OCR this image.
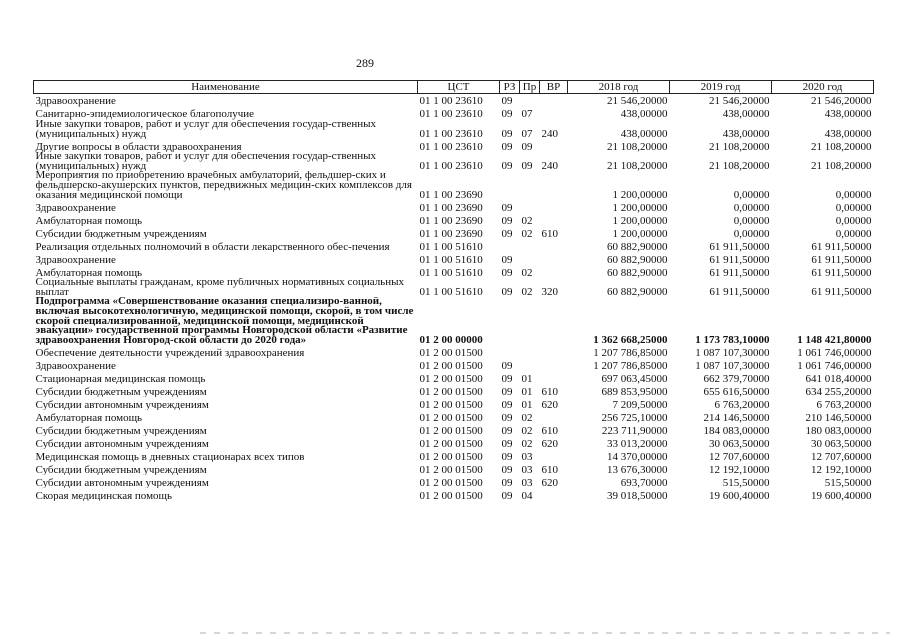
289
Наименование	ЦСТ	РЗ	Пр	ВР	2018 год	2019 год	2020 год
Здравоохранение	01 1 00 23610	09			21 546,20000	21 546,20000	21 546,20000
Санитарно-эпидемиологическое благополучие	01 1 00 23610	09	07		438,00000	438,00000	438,00000
Иные закупки товаров, работ и услуг для обеспечения государ-ственных (муниципальных) нужд	01 1 00 23610	09	07	240	438,00000	438,00000	438,00000
Другие вопросы в области здравоохранения	01 1 00 23610	09	09		21 108,20000	21 108,20000	21 108,20000
Иные закупки товаров, работ и услуг для обеспечения государ-ственных (муниципальных) нужд	01 1 00 23610	09	09	240	21 108,20000	21 108,20000	21 108,20000
Мероприятия по приобретению врачебных амбулаторий, фельдшер-ских и фельдшерско-акушерских пунктов, передвижных медицин-ских комплексов для оказания медицинской помощи	01 1 00 23690				1 200,00000	0,00000	0,00000
Здравоохранение	01 1 00 23690	09			1 200,00000	0,00000	0,00000
Амбулаторная помощь	01 1 00 23690	09	02		1 200,00000	0,00000	0,00000
Субсидии бюджетным учреждениям	01 1 00 23690	09	02	610	1 200,00000	0,00000	0,00000
Реализация отдельных полномочий в области лекарственного обес-печения	01 1 00 51610				60 882,90000	61 911,50000	61 911,50000
Здравоохранение	01 1 00 51610	09			60 882,90000	61 911,50000	61 911,50000
Амбулаторная помощь	01 1 00 51610	09	02		60 882,90000	61 911,50000	61 911,50000
Социальные выплаты гражданам, кроме публичных нормативных социальных выплат	01 1 00 51610	09	02	320	60 882,90000	61 911,50000	61 911,50000
Подпрограмма «Совершенствование оказания специализиро-ванной, включая высокотехнологичную, медицинской помощи, скорой, в том числе скорой специализированной, медицинской помощи, медицинской эвакуации» государственной программы Новгородской области «Развитие здравоохранения Новгород-ской области до 2020 года»	01 2 00 00000				1 362 668,25000	1 173 783,10000	1 148 421,80000
Обеспечение деятельности учреждений здравоохранения	01 2 00 01500				1 207 786,85000	1 087 107,30000	1 061 746,00000
Здравоохранение	01 2 00 01500	09			1 207 786,85000	1 087 107,30000	1 061 746,00000
Стационарная медицинская помощь	01 2 00 01500	09	01		697 063,45000	662 379,70000	641 018,40000
Субсидии бюджетным учреждениям	01 2 00 01500	09	01	610	689 853,95000	655 616,50000	634 255,20000
Субсидии автономным учреждениям	01 2 00 01500	09	01	620	7 209,50000	6 763,20000	6 763,20000
Амбулаторная помощь	01 2 00 01500	09	02		256 725,10000	214 146,50000	210 146,50000
Субсидии бюджетным учреждениям	01 2 00 01500	09	02	610	223 711,90000	184 083,00000	180 083,00000
Субсидии автономным учреждениям	01 2 00 01500	09	02	620	33 013,20000	30 063,50000	30 063,50000
Медицинская помощь в дневных стационарах всех типов	01 2 00 01500	09	03		14 370,00000	12 707,60000	12 707,60000
Субсидии бюджетным учреждениям	01 2 00 01500	09	03	610	13 676,30000	12 192,10000	12 192,10000
Субсидии автономным учреждениям	01 2 00 01500	09	03	620	693,70000	515,50000	515,50000
Скорая медицинская помощь	01 2 00 01500	09	04		39 018,50000	19 600,40000	19 600,40000
